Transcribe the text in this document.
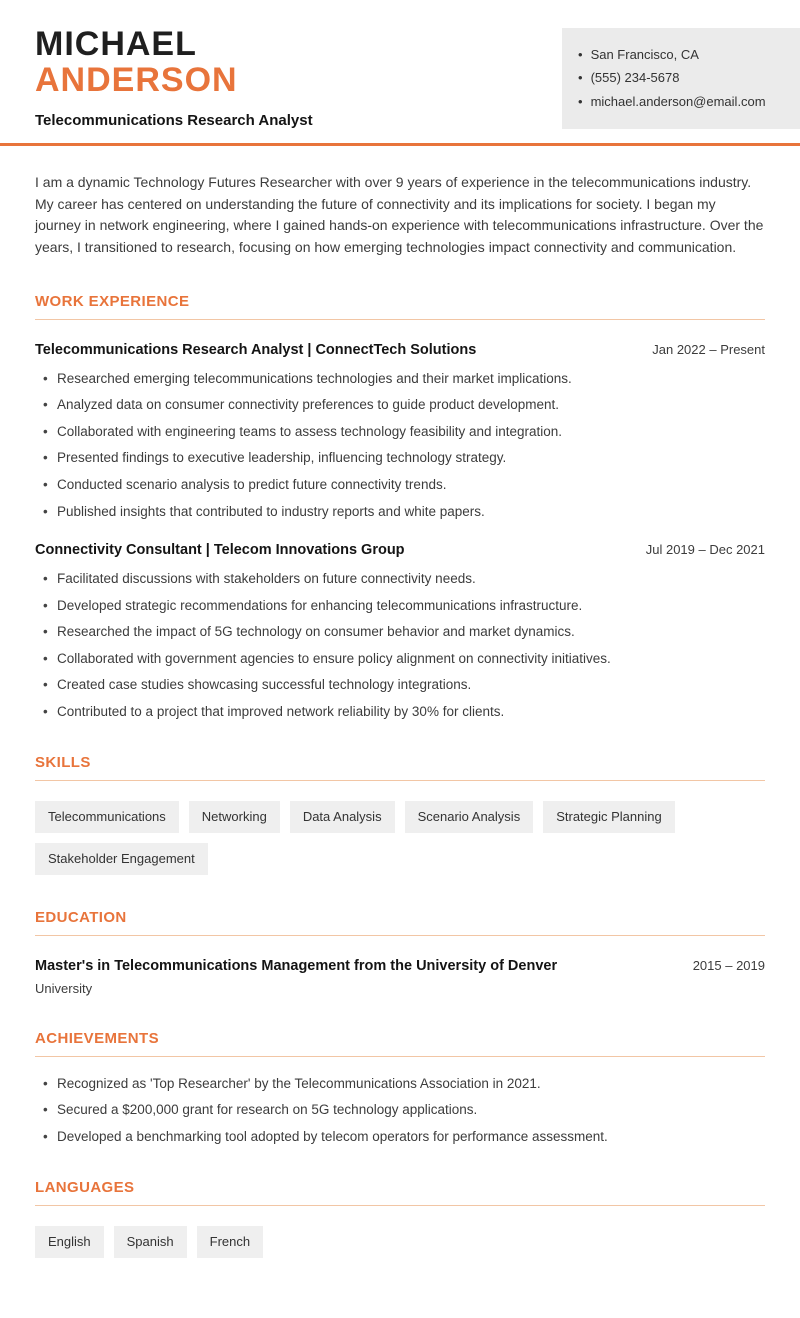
MICHAEL
ANDERSON
Telecommunications Research Analyst
• San Francisco, CA
• (555) 234-5678
• michael.anderson@email.com

I am a dynamic Technology Futures Researcher with over 9 years of experience in the telecommunications industry. My career has centered on understanding the future of connectivity and its implications for society. I began my journey in network engineering, where I gained hands-on experience with telecommunications infrastructure. Over the years, I transitioned to research, focusing on how emerging technologies impact connectivity and communication.

WORK EXPERIENCE
Telecommunications Research Analyst | ConnectTech Solutions	Jan 2022 – Present
• Researched emerging telecommunications technologies and their market implications.
• Analyzed data on consumer connectivity preferences to guide product development.
• Collaborated with engineering teams to assess technology feasibility and integration.
• Presented findings to executive leadership, influencing technology strategy.
• Conducted scenario analysis to predict future connectivity trends.
• Published insights that contributed to industry reports and white papers.
Connectivity Consultant | Telecom Innovations Group	Jul 2019 – Dec 2021
• Facilitated discussions with stakeholders on future connectivity needs.
• Developed strategic recommendations for enhancing telecommunications infrastructure.
• Researched the impact of 5G technology on consumer behavior and market dynamics.
• Collaborated with government agencies to ensure policy alignment on connectivity initiatives.
• Created case studies showcasing successful technology integrations.
• Contributed to a project that improved network reliability by 30% for clients.
SKILLS
Telecommunications	Networking	Data Analysis	Scenario Analysis	Strategic Planning
Stakeholder Engagement
EDUCATION
Master's in Telecommunications Management from the University of Denver	2015 – 2019
University
ACHIEVEMENTS
• Recognized as 'Top Researcher' by the Telecommunications Association in 2021.
• Secured a $200,000 grant for research on 5G technology applications.
• Developed a benchmarking tool adopted by telecom operators for performance assessment.
LANGUAGES
English	Spanish	French
